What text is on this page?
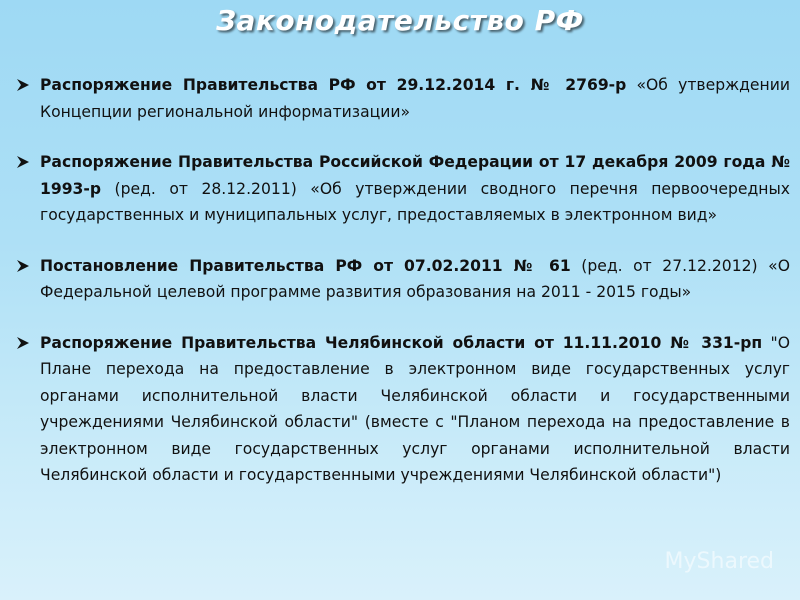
Законодательство РФ
Распоряжение Правительства РФ от 29.12.2014 г. № 2769-р «Об утверждении Концепции региональной информатизации»
Распоряжение Правительства Российской Федерации от 17 декабря 2009 года № 1993-р (ред. от 28.12.2011) «Об утверждении сводного перечня первоочередных государственных и муниципальных услуг, предоставляемых в электронном вид»
Постановление Правительства РФ от 07.02.2011 № 61 (ред. от 27.12.2012) «О Федеральной целевой программе развития образования на 2011 - 2015 годы»
Распоряжение Правительства Челябинской области от 11.11.2010 № 331-рп "О Плане перехода на предоставление в электронном виде государственных услуг органами исполнительной власти Челябинской области и государственными учреждениями Челябинской области" (вместе с "Планом перехода на предоставление в электронном виде государственных услуг органами исполнительной власти Челябинской области и государственными учреждениями Челябинской области")
MyShared
